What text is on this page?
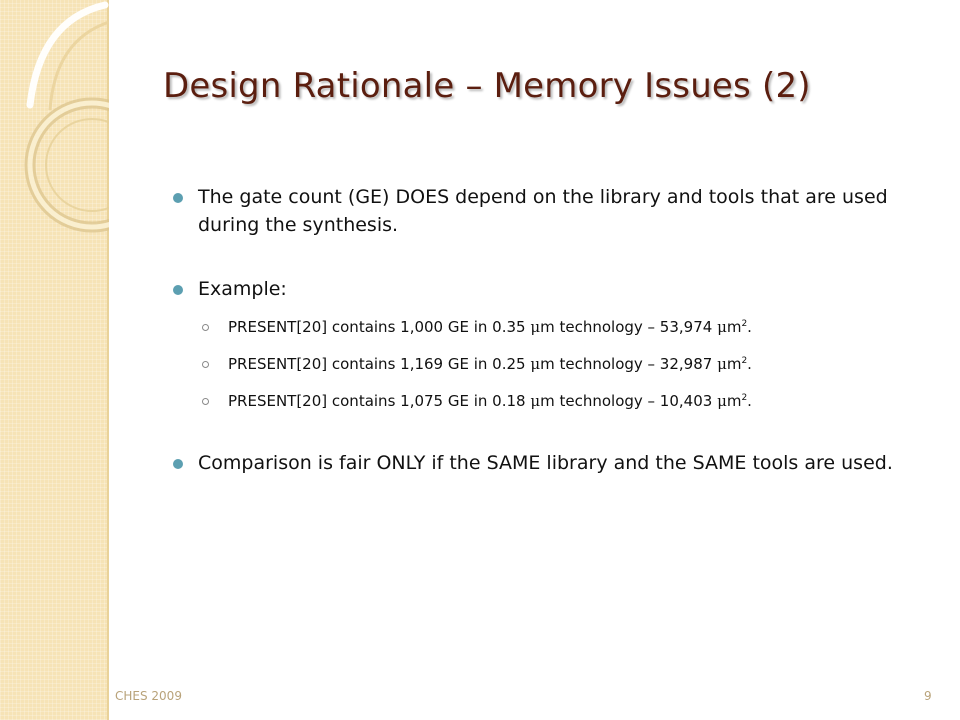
Design Rationale – Memory Issues (2)
The gate count (GE) DOES depend on the library and tools that are used during the synthesis.
Example:
PRESENT[20] contains 1,000 GE in 0.35 μm technology – 53,974 $\mu m^2$.
PRESENT[20] contains 1,169 GE in 0.25 μm technology – 32,987 $\mu m^2$.
PRESENT[20] contains 1,075 GE in 0.18 μm technology – 10,403 $\mu m^2$.
Comparison is fair ONLY if the SAME library and the SAME tools are used.
CHES 2009	9
